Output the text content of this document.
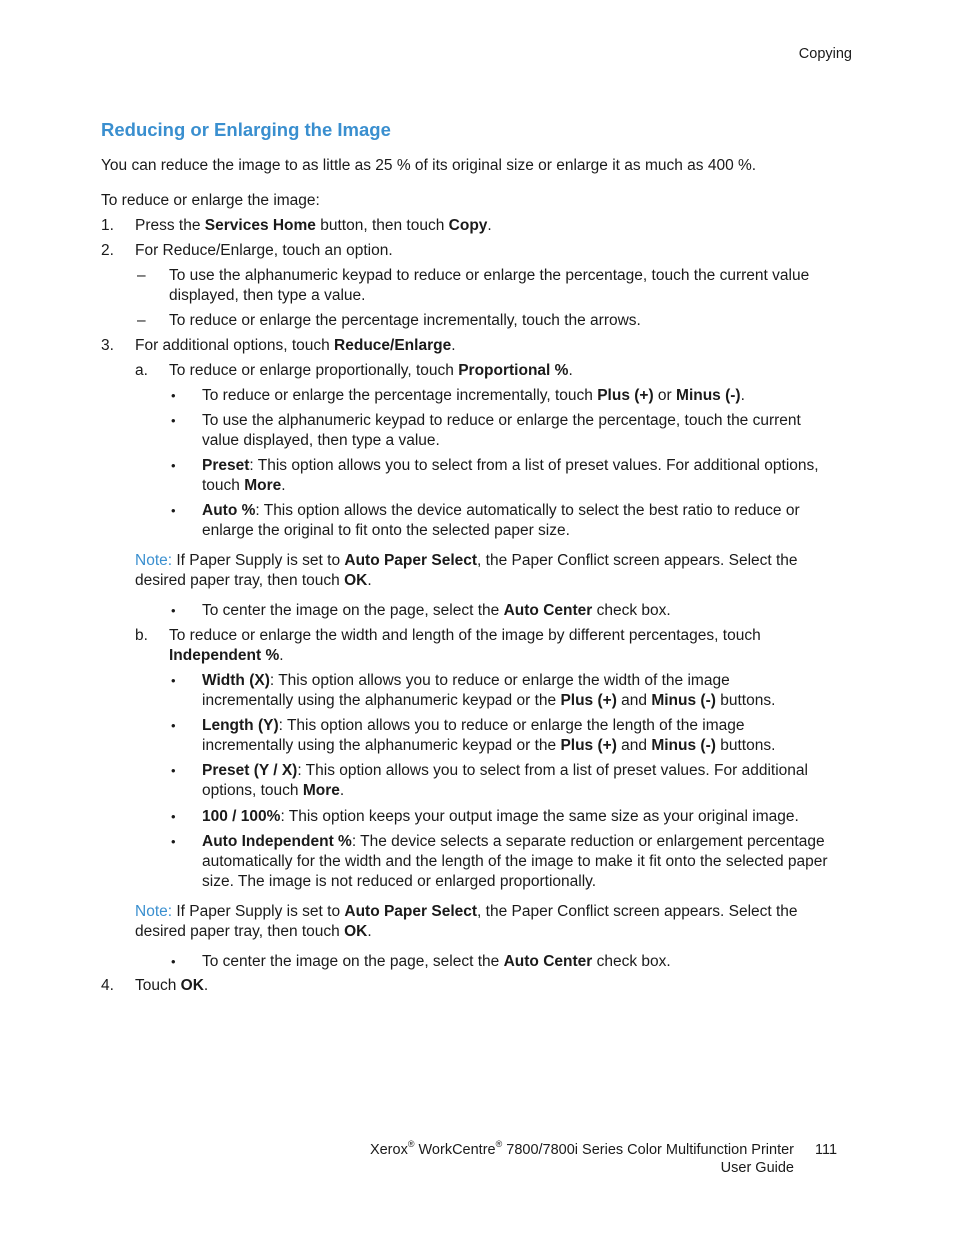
Copying
Reducing or Enlarging the Image

You can reduce the image to as little as 25 % of its original size or enlarge it as much as 400 %.

To reduce or enlarge the image:

1. Press the Services Home button, then touch Copy.

2. For Reduce/Enlarge, touch an option.

– To use the alphanumeric keypad to reduce or enlarge the percentage, touch the current value displayed, then type a value.

– To reduce or enlarge the percentage incrementally, touch the arrows.

3. For additional options, touch Reduce/Enlarge.

a. To reduce or enlarge proportionally, touch Proportional %.

• To reduce or enlarge the percentage incrementally, touch Plus (+) or Minus (-).

• To use the alphanumeric keypad to reduce or enlarge the percentage, touch the current value displayed, then type a value.

• Preset: This option allows you to select from a list of preset values. For additional options, touch More.

• Auto %: This option allows the device automatically to select the best ratio to reduce or enlarge the original to fit onto the selected paper size.

Note: If Paper Supply is set to Auto Paper Select, the Paper Conflict screen appears. Select the desired paper tray, then touch OK.

• To center the image on the page, select the Auto Center check box.

b. To reduce or enlarge the width and length of the image by different percentages, touch Independent %.

• Width (X): This option allows you to reduce or enlarge the width of the image incrementally using the alphanumeric keypad or the Plus (+) and Minus (-) buttons.

• Length (Y): This option allows you to reduce or enlarge the length of the image incrementally using the alphanumeric keypad or the Plus (+) and Minus (-) buttons.

• Preset (Y / X): This option allows you to select from a list of preset values. For additional options, touch More.

• 100 / 100%: This option keeps your output image the same size as your original image.

• Auto Independent %: The device selects a separate reduction or enlargement percentage automatically for the width and the length of the image to make it fit onto the selected paper size. The image is not reduced or enlarged proportionally.

Note: If Paper Supply is set to Auto Paper Select, the Paper Conflict screen appears. Select the desired paper tray, then touch OK.

• To center the image on the page, select the Auto Center check box.

4. Touch OK.

Xerox® WorkCentre® 7800/7800i Series Color Multifunction Printer
User Guide
111
